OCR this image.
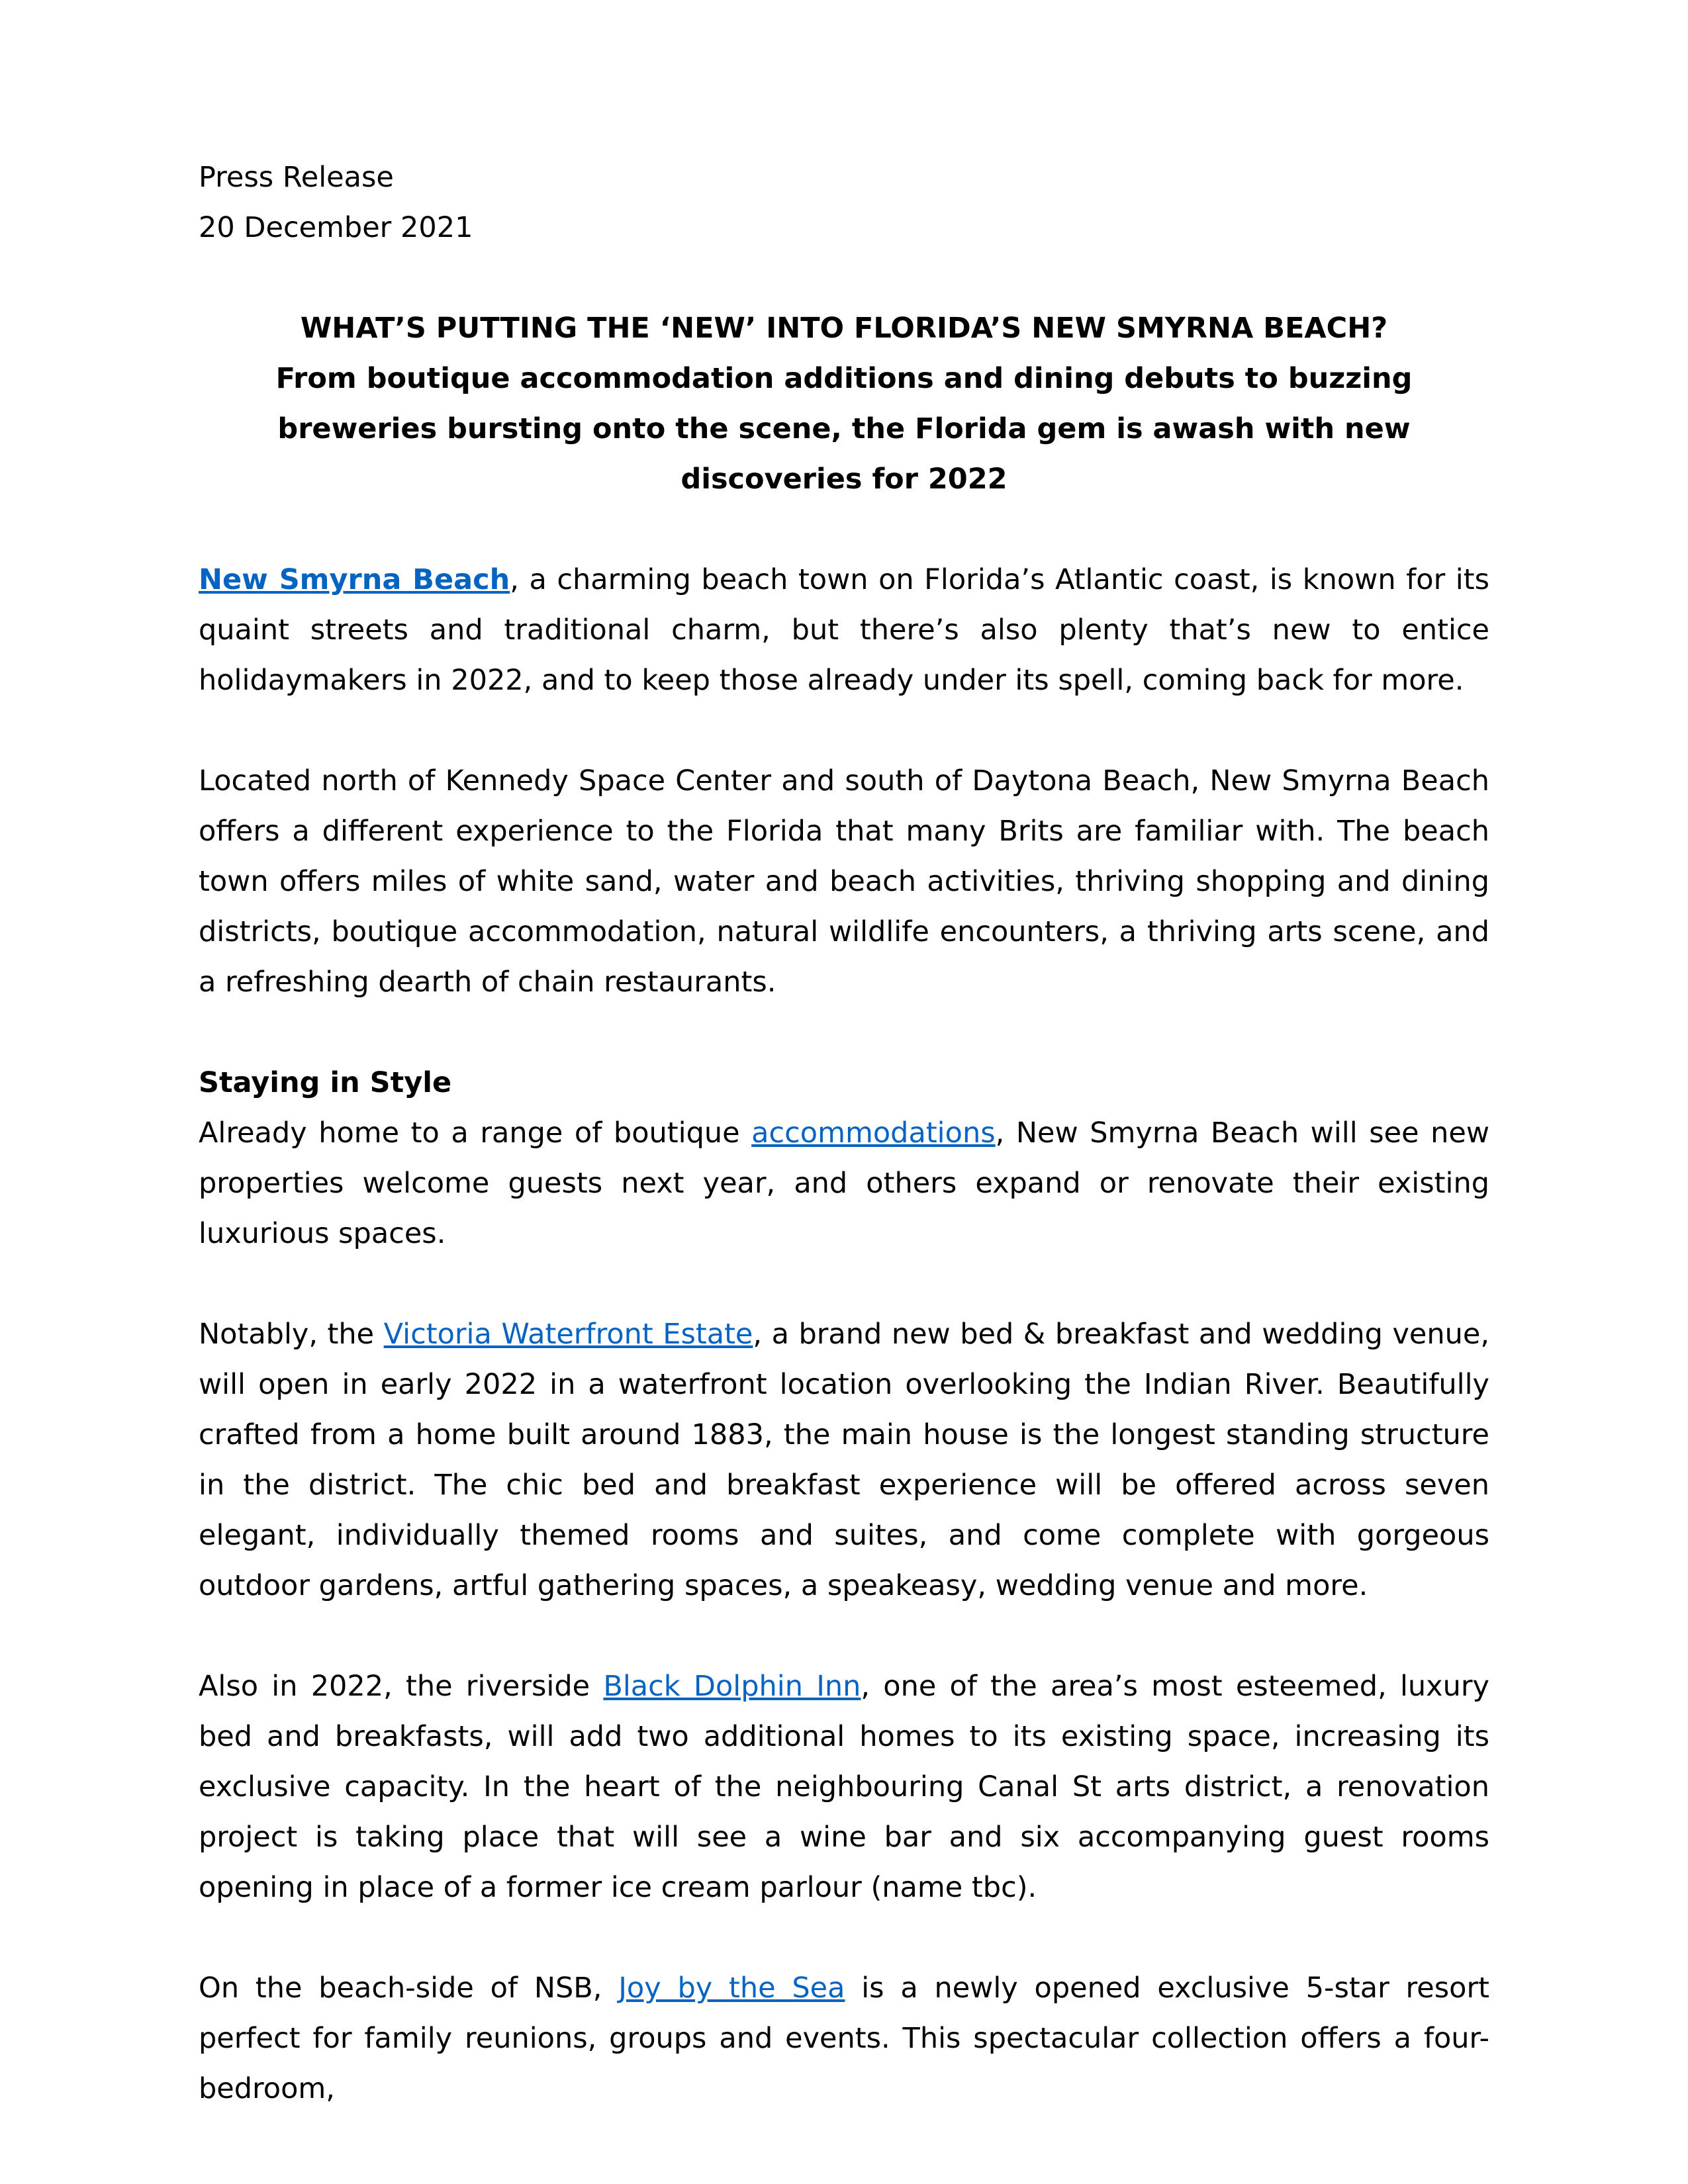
Press Release

20 December 2021

WHAT’S PUTTING THE ‘NEW’ INTO FLORIDA’S NEW SMYRNA BEACH?

From boutique accommodation additions and dining debuts to buzzing breweries bursting onto the scene, the Florida gem is awash with new discoveries for 2022

New Smyrna Beach, a charming beach town on Florida’s Atlantic coast, is known for its quaint streets and traditional charm, but there’s also plenty that’s new to entice holidaymakers in 2022, and to keep those already under its spell, coming back for more.

Located north of Kennedy Space Center and south of Daytona Beach, New Smyrna Beach offers a different experience to the Florida that many Brits are familiar with. The beach town offers miles of white sand, water and beach activities, thriving shopping and dining districts, boutique accommodation, natural wildlife encounters, a thriving arts scene, and a refreshing dearth of chain restaurants.

Staying in Style

Already home to a range of boutique accommodations, New Smyrna Beach will see new properties welcome guests next year, and others expand or renovate their existing luxurious spaces.

Notably, the Victoria Waterfront Estate, a brand new bed & breakfast and wedding venue, will open in early 2022 in a waterfront location overlooking the Indian River. Beautifully crafted from a home built around 1883, the main house is the longest standing structure in the district. The chic bed and breakfast experience will be offered across seven elegant, individually themed rooms and suites, and come complete with gorgeous outdoor gardens, artful gathering spaces, a speakeasy, wedding venue and more.

Also in 2022, the riverside Black Dolphin Inn, one of the area’s most esteemed, luxury bed and breakfasts, will add two additional homes to its existing space, increasing its exclusive capacity. In the heart of the neighbouring Canal St arts district, a renovation project is taking place that will see a wine bar and six accompanying guest rooms opening in place of a former ice cream parlour (name tbc).

On the beach-side of NSB, Joy by the Sea is a newly opened exclusive 5-star resort perfect for family reunions, groups and events. This spectacular collection offers a four-bedroom,
